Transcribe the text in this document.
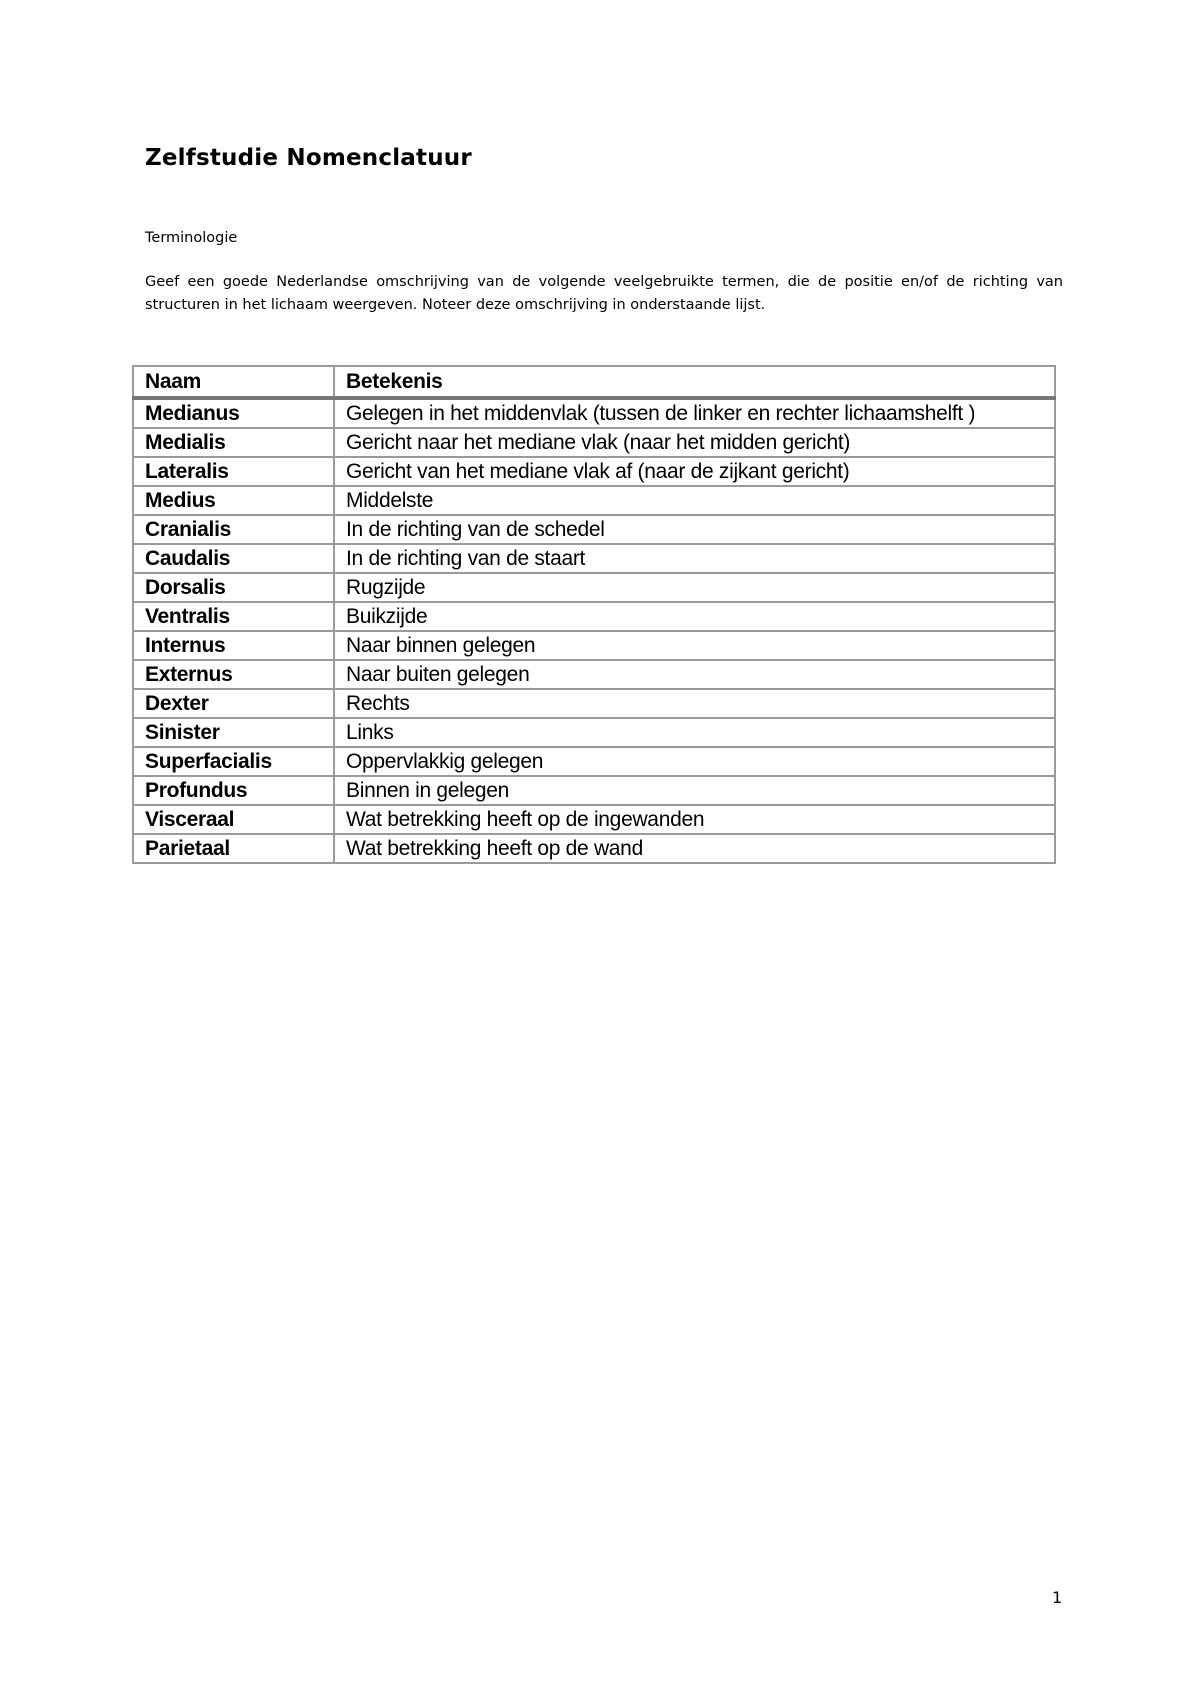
Zelfstudie Nomenclatuur

Terminologie

Geef een goede Nederlandse omschrijving van de volgende veelgebruikte termen, die de positie en/of de richting van structuren in het lichaam weergeven. Noteer deze omschrijving in onderstaande lijst.

Naam	Betekenis
Medianus	Gelegen in het middenvlak (tussen de linker en rechter lichaamshelft )
Medialis	Gericht naar het mediane vlak (naar het midden gericht)
Lateralis	Gericht van het mediane vlak af (naar de zijkant gericht)
Medius	Middelste
Cranialis	In de richting van de schedel
Caudalis	In de richting van de staart
Dorsalis	Rugzijde
Ventralis	Buikzijde
Internus	Naar binnen gelegen
Externus	Naar buiten gelegen
Dexter	Rechts
Sinister	Links
Superfacialis	Oppervlakkig gelegen
Profundus	Binnen in gelegen
Visceraal	Wat betrekking heeft op de ingewanden
Parietaal	Wat betrekking heeft op de wand

1
